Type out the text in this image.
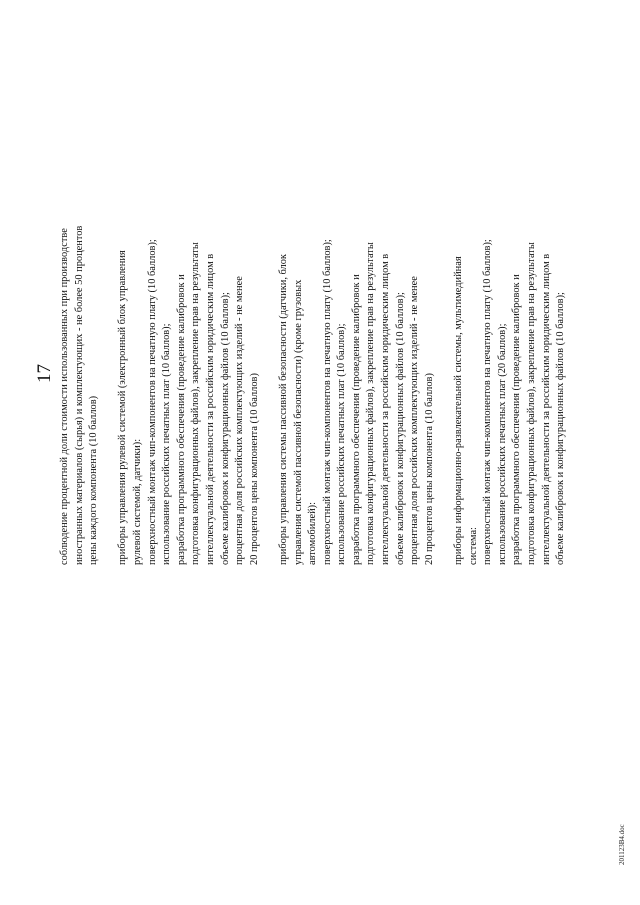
17 соблюдение процентной доли стоимости использованных при производстве иностранных материалов (сырья) и комплектующих - не более 50 процентов цены каждого компонента (10 баллов) приборы управления рулевой системой (электронный блок управления рулевой системой, датчики): поверхностный монтаж чип-компонентов на печатную плату (10 баллов); использование российских печатных плат (10 баллов); разработка программного обеспечения (проведение калибровок и подготовка конфигурационных файлов), закрепление прав на результаты интеллектуальной деятельности за российским юридическим лицом в объеме калибровок и конфигурационных файлов (10 баллов); процентная доля российских комплектующих изделий - не менее 20 процентов цены компонента (10 баллов) приборы управления системы пассивной безопасности (датчики, блок управления системой пассивной безопасности) (кроме грузовых автомобилей): поверхностный монтаж чип-компонентов на печатную плату (10 баллов); использование российских печатных плат (10 баллов); разработка программного обеспечения (проведение калибровок и подготовка конфигурационных файлов), закрепление прав на результаты интеллектуальной деятельности за российским юридическим лицом в объеме калибровок и конфигурационных файлов (10 баллов); процентная доля российских комплектующих изделий - не менее 20 процентов цены компонента (10 баллов) приборы информационно-развлекательной системы, мультимедийная система: поверхностный монтаж чип-компонентов на печатную плату (10 баллов); использование российских печатных плат (20 баллов); разработка программного обеспечения (проведение калибровок и подготовка конфигурационных файлов), закрепление прав на результаты интеллектуальной деятельности за российским юридическим лицом в объеме калибровок и конфигурационных файлов (10 баллов);
201123B4.doc
